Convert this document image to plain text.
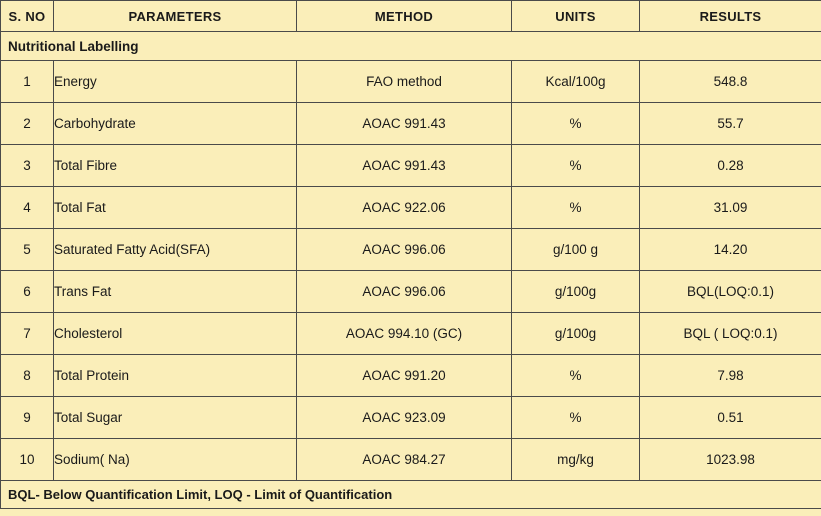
S. NO	PARAMETERS	METHOD	UNITS	RESULTS
Nutritional Labelling				
1	Energy	FAO method	Kcal/100g	548.8
2	Carbohydrate	AOAC 991.43	%	55.7
3	Total Fibre	AOAC 991.43	%	0.28
4	Total Fat	AOAC 922.06	%	31.09
5	Saturated Fatty Acid(SFA)	AOAC 996.06	g/100 g	14.20
6	Trans Fat	AOAC 996.06	g/100g	BQL(LOQ:0.1)
7	Cholesterol	AOAC 994.10 (GC)	g/100g	BQL ( LOQ:0.1)
8	Total Protein	AOAC 991.20	%	7.98
9	Total Sugar	AOAC 923.09	%	0.51
10	Sodium( Na)	AOAC 984.27	mg/kg	1023.98
BQL- Below Quantification Limit, LOQ - Limit of Quantification				
